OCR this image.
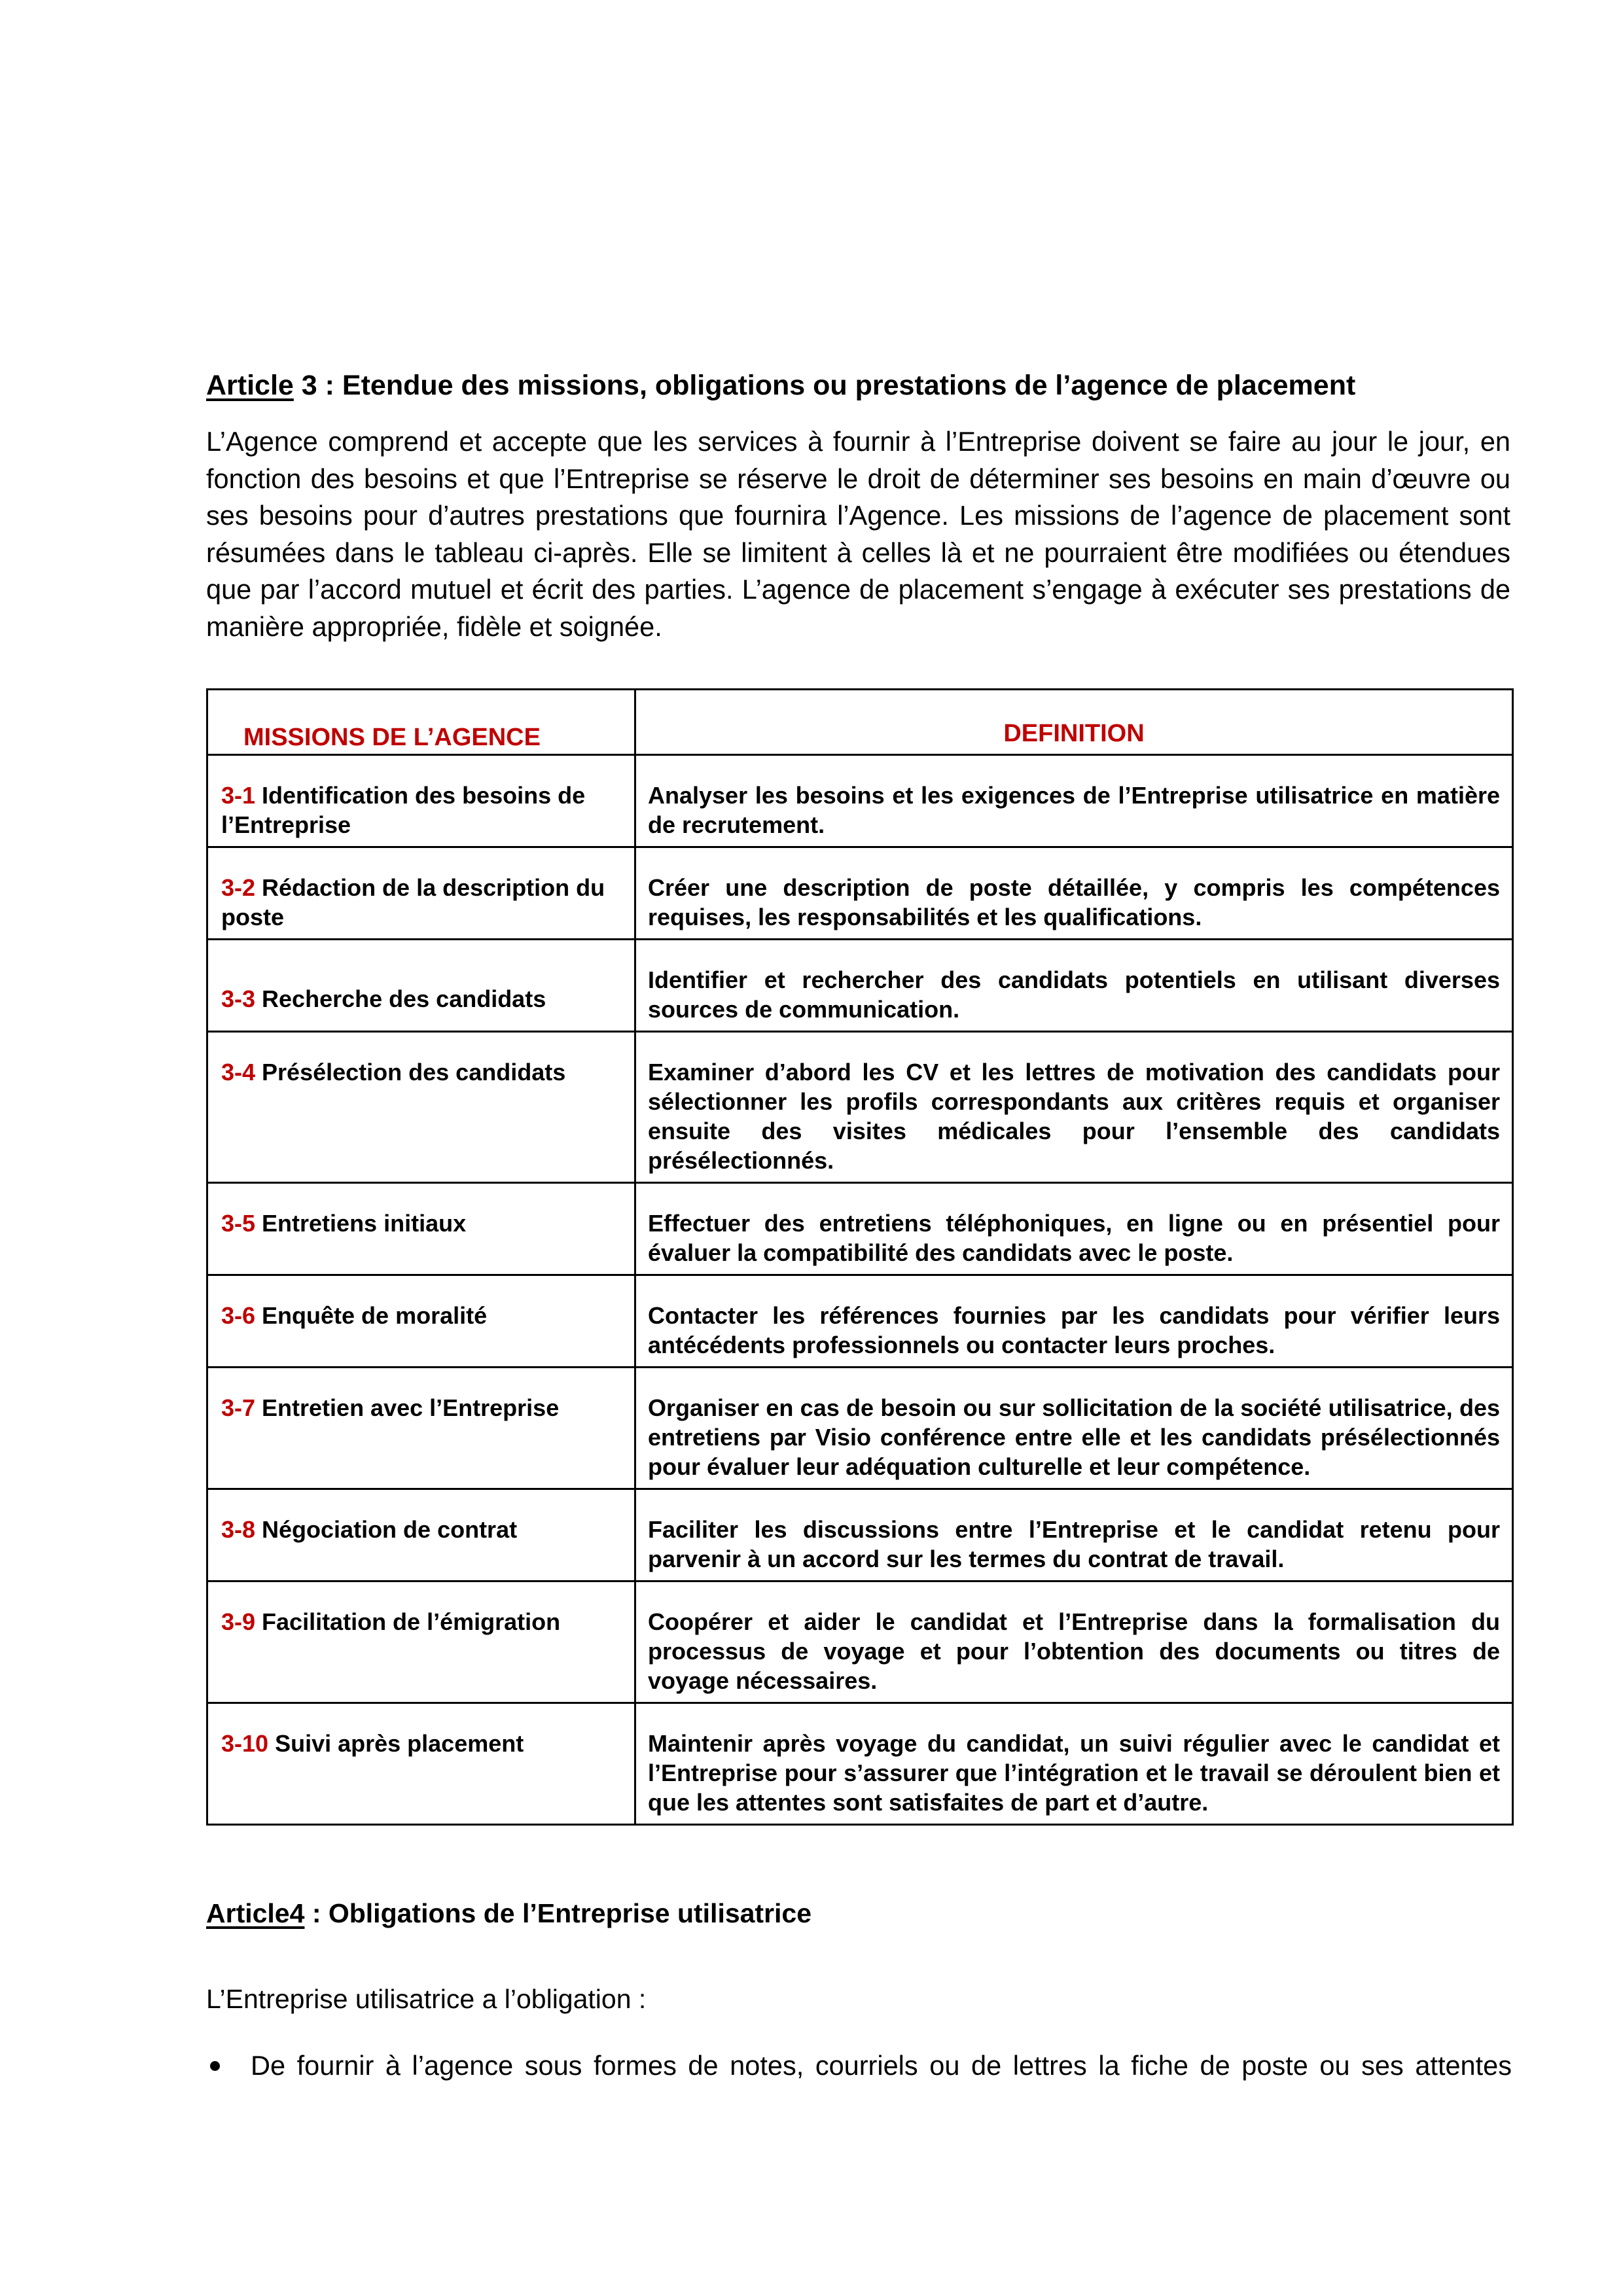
Article 3 : Etendue des missions, obligations ou prestations de l’agence de placement
L’Agence comprend et accepte que les services à fournir à l’Entreprise doivent se faire au jour le jour, en
fonction des besoins et que l’Entreprise se réserve le droit de déterminer ses besoins en main d’œuvre ou
ses besoins pour d’autres prestations que fournira l’Agence. Les missions de l’agence de placement sont
résumées dans le tableau ci-après. Elle se limitent à celles là et ne pourraient être modifiées ou étendues
que par l’accord mutuel et écrit des parties. L’agence de placement s’engage à exécuter ses prestations de
manière appropriée, fidèle et soignée.
MISSIONS DE L’AGENCE	DEFINITION

3-1 Identification des besoins de l’Entreprise	Analyser les besoins et les exigences de l’Entreprise utilisatrice en matière de recrutement.

3-2 Rédaction de la description du poste	Créer une description de poste détaillée, y compris les compétences requises, les responsabilités et les qualifications.

3-3 Recherche des candidats	Identifier et rechercher des candidats potentiels en utilisant diverses sources de communication.

3-4 Présélection des candidats	Examiner d’abord les CV et les lettres de motivation des candidats pour sélectionner les profils correspondants aux critères requis et organiser ensuite des visites médicales pour l’ensemble des candidats présélectionnés.

3-5 Entretiens initiaux	Effectuer des entretiens téléphoniques, en ligne ou en présentiel pour évaluer la compatibilité des candidats avec le poste.

3-6 Enquête de moralité	Contacter les références fournies par les candidats pour vérifier leurs antécédents professionnels ou contacter leurs proches.

3-7 Entretien avec l’Entreprise	Organiser en cas de besoin ou sur sollicitation de la société utilisatrice, des entretiens par Visio conférence entre elle et les candidats présélectionnés pour évaluer leur adéquation culturelle et leur compétence.

3-8 Négociation de contrat	Faciliter les discussions entre l’Entreprise et le candidat retenu pour parvenir à un accord sur les termes du contrat de travail.

3-9 Facilitation de l’émigration	Coopérer et aider le candidat et l’Entreprise dans la formalisation du processus de voyage et pour l’obtention des documents ou titres de voyage nécessaires.

3-10 Suivi après placement	Maintenir après voyage du candidat, un suivi régulier avec le candidat et l’Entreprise pour s’assurer que l’intégration et le travail se déroulent bien et que les attentes sont satisfaites de part et d’autre.
Article4 : Obligations de l’Entreprise utilisatrice
L’Entreprise utilisatrice a l’obligation :
De fournir à l’agence sous formes de notes, courriels ou de lettres la fiche de poste ou ses attentes
